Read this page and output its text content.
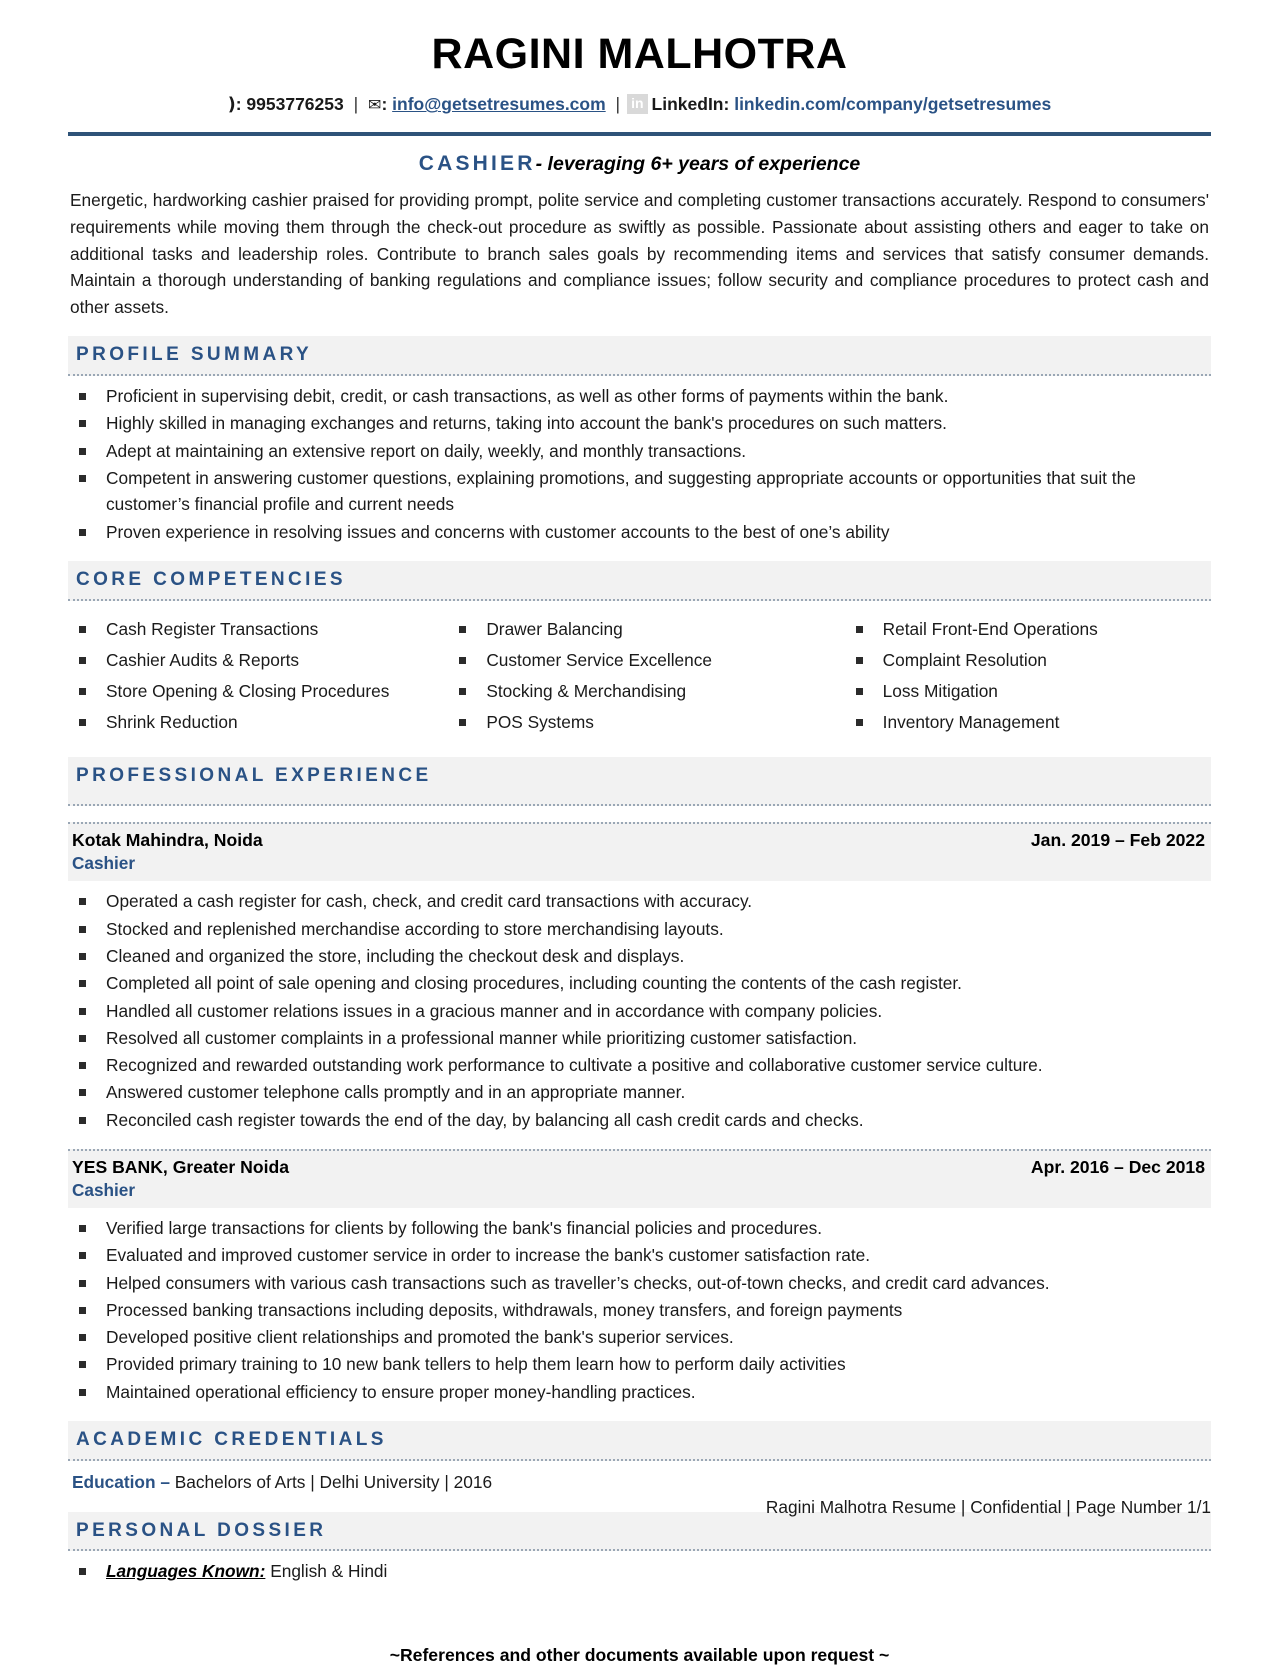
RAGINI MALHOTRA
): 9953776253 | ✉: info@getsetresumes.com | in LinkedIn: linkedin.com/company/getsetresumes
CASHIER- leveraging 6+ years of experience

Energetic, hardworking cashier praised for providing prompt, polite service and completing customer transactions accurately. Respond to consumers' requirements while moving them through the check-out procedure as swiftly as possible. Passionate about assisting others and eager to take on additional tasks and leadership roles. Contribute to branch sales goals by recommending items and services that satisfy consumer demands. Maintain a thorough understanding of banking regulations and compliance issues; follow security and compliance procedures to protect cash and other assets.

PROFILE SUMMARY
Proficient in supervising debit, credit, or cash transactions, as well as other forms of payments within the bank.
Highly skilled in managing exchanges and returns, taking into account the bank's procedures on such matters.
Adept at maintaining an extensive report on daily, weekly, and monthly transactions.
Competent in answering customer questions, explaining promotions, and suggesting appropriate accounts or opportunities that suit the customer’s financial profile and current needs
Proven experience in resolving issues and concerns with customer accounts to the best of one’s ability
CORE COMPETENCIES
Cash Register Transactions
Cashier Audits & Reports
Store Opening & Closing Procedures
Shrink Reduction
Drawer Balancing
Customer Service Excellence
Stocking & Merchandising
POS Systems
Retail Front-End Operations
Complaint Resolution
Loss Mitigation
Inventory Management
PROFESSIONAL EXPERIENCE
Kotak Mahindra, Noida	Jan. 2019 – Feb 2022
Cashier
Operated a cash register for cash, check, and credit card transactions with accuracy.
Stocked and replenished merchandise according to store merchandising layouts.
Cleaned and organized the store, including the checkout desk and displays.
Completed all point of sale opening and closing procedures, including counting the contents of the cash register.
Handled all customer relations issues in a gracious manner and in accordance with company policies.
Resolved all customer complaints in a professional manner while prioritizing customer satisfaction.
Recognized and rewarded outstanding work performance to cultivate a positive and collaborative customer service culture.
Answered customer telephone calls promptly and in an appropriate manner.
Reconciled cash register towards the end of the day, by balancing all cash credit cards and checks.
YES BANK, Greater Noida	Apr. 2016 – Dec 2018
Cashier
Verified large transactions for clients by following the bank's financial policies and procedures.
Evaluated and improved customer service in order to increase the bank's customer satisfaction rate.
Helped consumers with various cash transactions such as traveller’s checks, out-of-town checks, and credit card advances.
Processed banking transactions including deposits, withdrawals, money transfers, and foreign payments
Developed positive client relationships and promoted the bank's superior services.
Provided primary training to 10 new bank tellers to help them learn how to perform daily activities
Maintained operational efficiency to ensure proper money-handling practices.
ACADEMIC CREDENTIALS
Education – Bachelors of Arts | Delhi University | 2016
PERSONAL DOSSIER
Languages Known: English & Hindi
~References and other documents available upon request ~
Ragini Malhotra Resume | Confidential | Page Number 1/1
